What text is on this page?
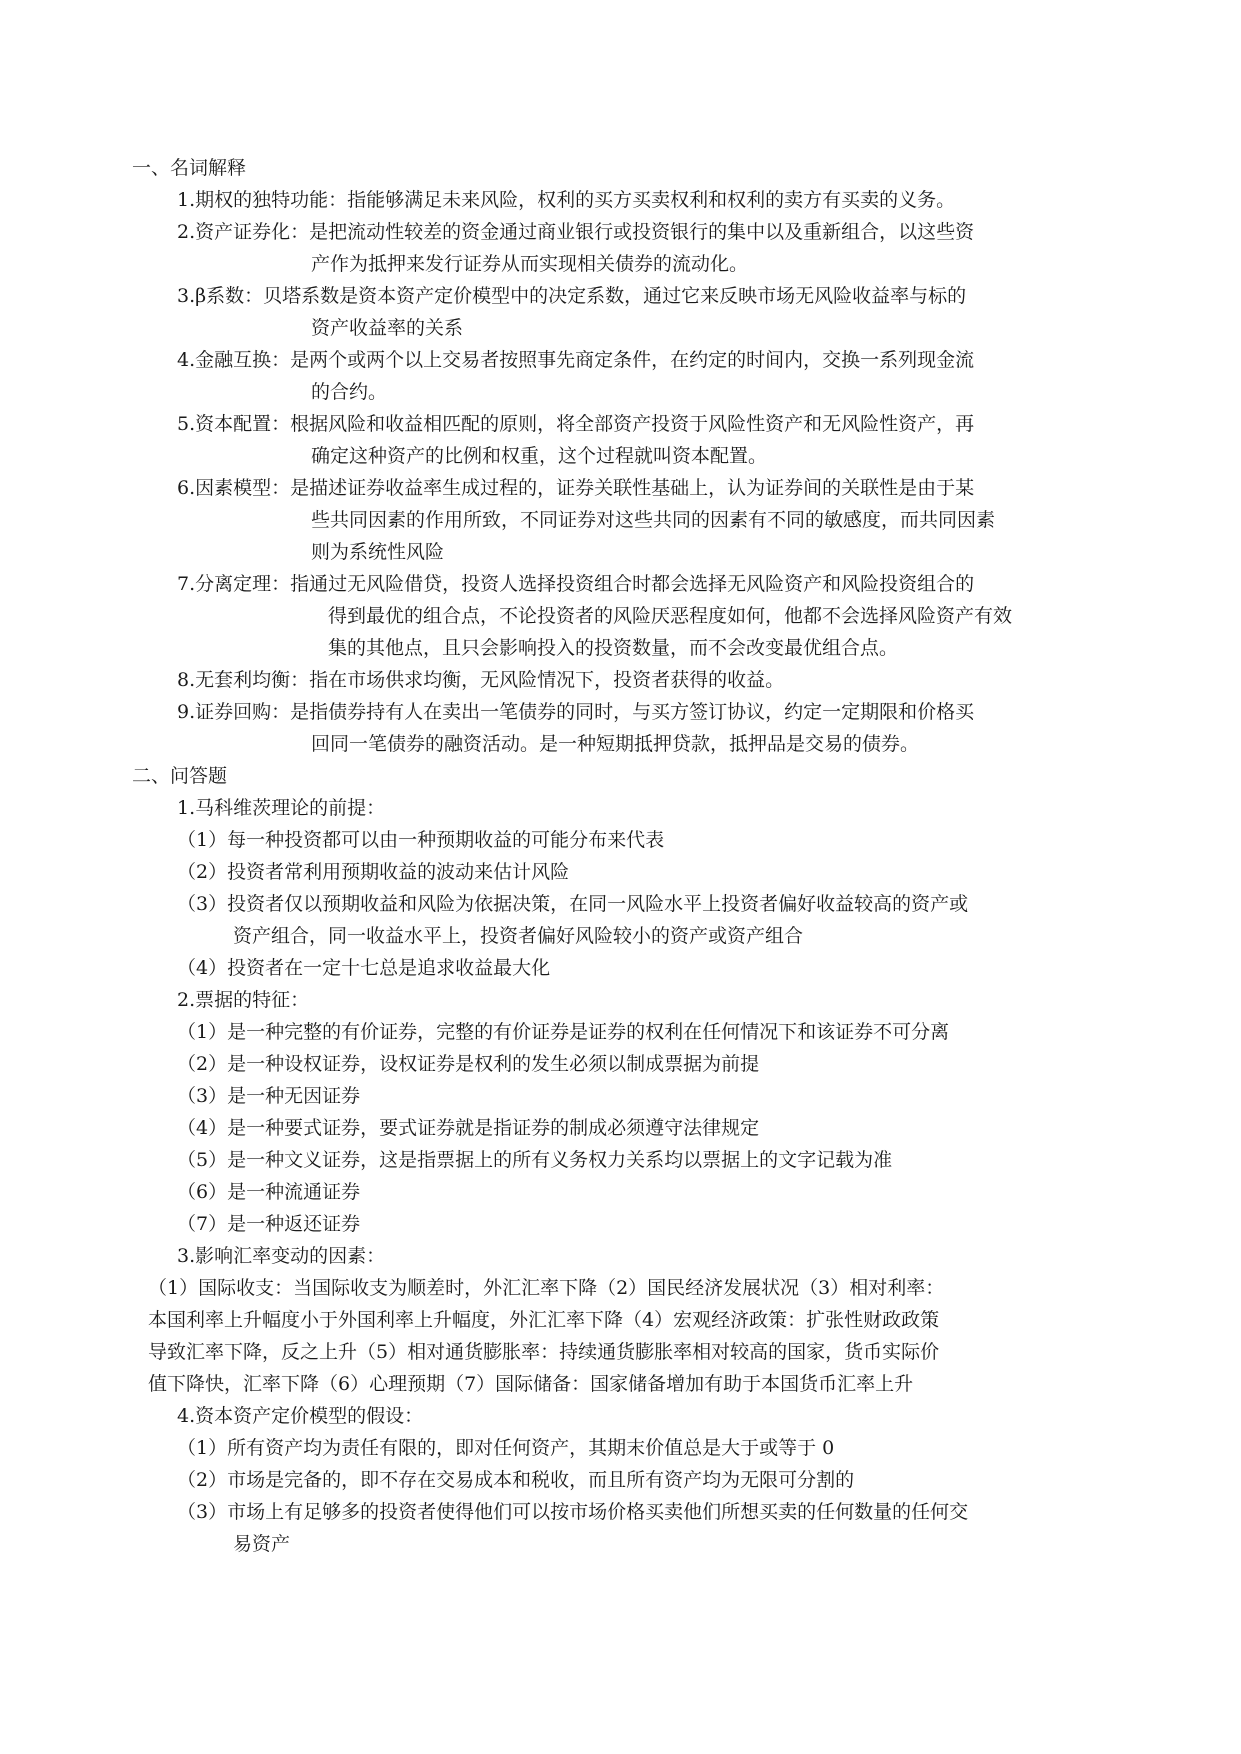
一、名词解释
1.期权的独特功能：指能够满足未来风险，权利的买方买卖权利和权利的卖方有买卖的义务。
2.资产证券化：是把流动性较差的资金通过商业银行或投资银行的集中以及重新组合，以这些资
产作为抵押来发行证券从而实现相关债券的流动化。
3.β系数：贝塔系数是资本资产定价模型中的决定系数，通过它来反映市场无风险收益率与标的
资产收益率的关系
4.金融互换：是两个或两个以上交易者按照事先商定条件，在约定的时间内，交换一系列现金流
的合约。
5.资本配置：根据风险和收益相匹配的原则，将全部资产投资于风险性资产和无风险性资产，再
确定这种资产的比例和权重，这个过程就叫资本配置。
6.因素模型：是描述证券收益率生成过程的，证券关联性基础上，认为证券间的关联性是由于某
些共同因素的作用所致，不同证券对这些共同的因素有不同的敏感度，而共同因素
则为系统性风险
7.分离定理：指通过无风险借贷，投资人选择投资组合时都会选择无风险资产和风险投资组合的
得到最优的组合点，不论投资者的风险厌恶程度如何，他都不会选择风险资产有效
集的其他点，且只会影响投入的投资数量，而不会改变最优组合点。
8.无套利均衡：指在市场供求均衡，无风险情况下，投资者获得的收益。
9.证券回购：是指债券持有人在卖出一笔债券的同时，与买方签订协议，约定一定期限和价格买
回同一笔债券的融资活动。是一种短期抵押贷款，抵押品是交易的债券。
二、问答题
1.马科维茨理论的前提：
（1）每一种投资都可以由一种预期收益的可能分布来代表
（2）投资者常利用预期收益的波动来估计风险
（3）投资者仅以预期收益和风险为依据决策，在同一风险水平上投资者偏好收益较高的资产或
资产组合，同一收益水平上，投资者偏好风险较小的资产或资产组合
（4）投资者在一定十七总是追求收益最大化
2.票据的特征：
（1）是一种完整的有价证券，完整的有价证券是证券的权利在任何情况下和该证券不可分离
（2）是一种设权证券，设权证券是权利的发生必须以制成票据为前提
（3）是一种无因证券
（4）是一种要式证券，要式证券就是指证券的制成必须遵守法律规定
（5）是一种文义证券，这是指票据上的所有义务权力关系均以票据上的文字记载为准
（6）是一种流通证券
（7）是一种返还证券
3.影响汇率变动的因素：
（1）国际收支：当国际收支为顺差时，外汇汇率下降（2）国民经济发展状况（3）相对利率：
本国利率上升幅度小于外国利率上升幅度，外汇汇率下降（4）宏观经济政策：扩张性财政政策
导致汇率下降，反之上升（5）相对通货膨胀率：持续通货膨胀率相对较高的国家，货币实际价
值下降快，汇率下降（6）心理预期（7）国际储备：国家储备增加有助于本国货币汇率上升
4.资本资产定价模型的假设：
（1）所有资产均为责任有限的，即对任何资产，其期末价值总是大于或等于 0
（2）市场是完备的，即不存在交易成本和税收，而且所有资产均为无限可分割的
（3）市场上有足够多的投资者使得他们可以按市场价格买卖他们所想买卖的任何数量的任何交
易资产
